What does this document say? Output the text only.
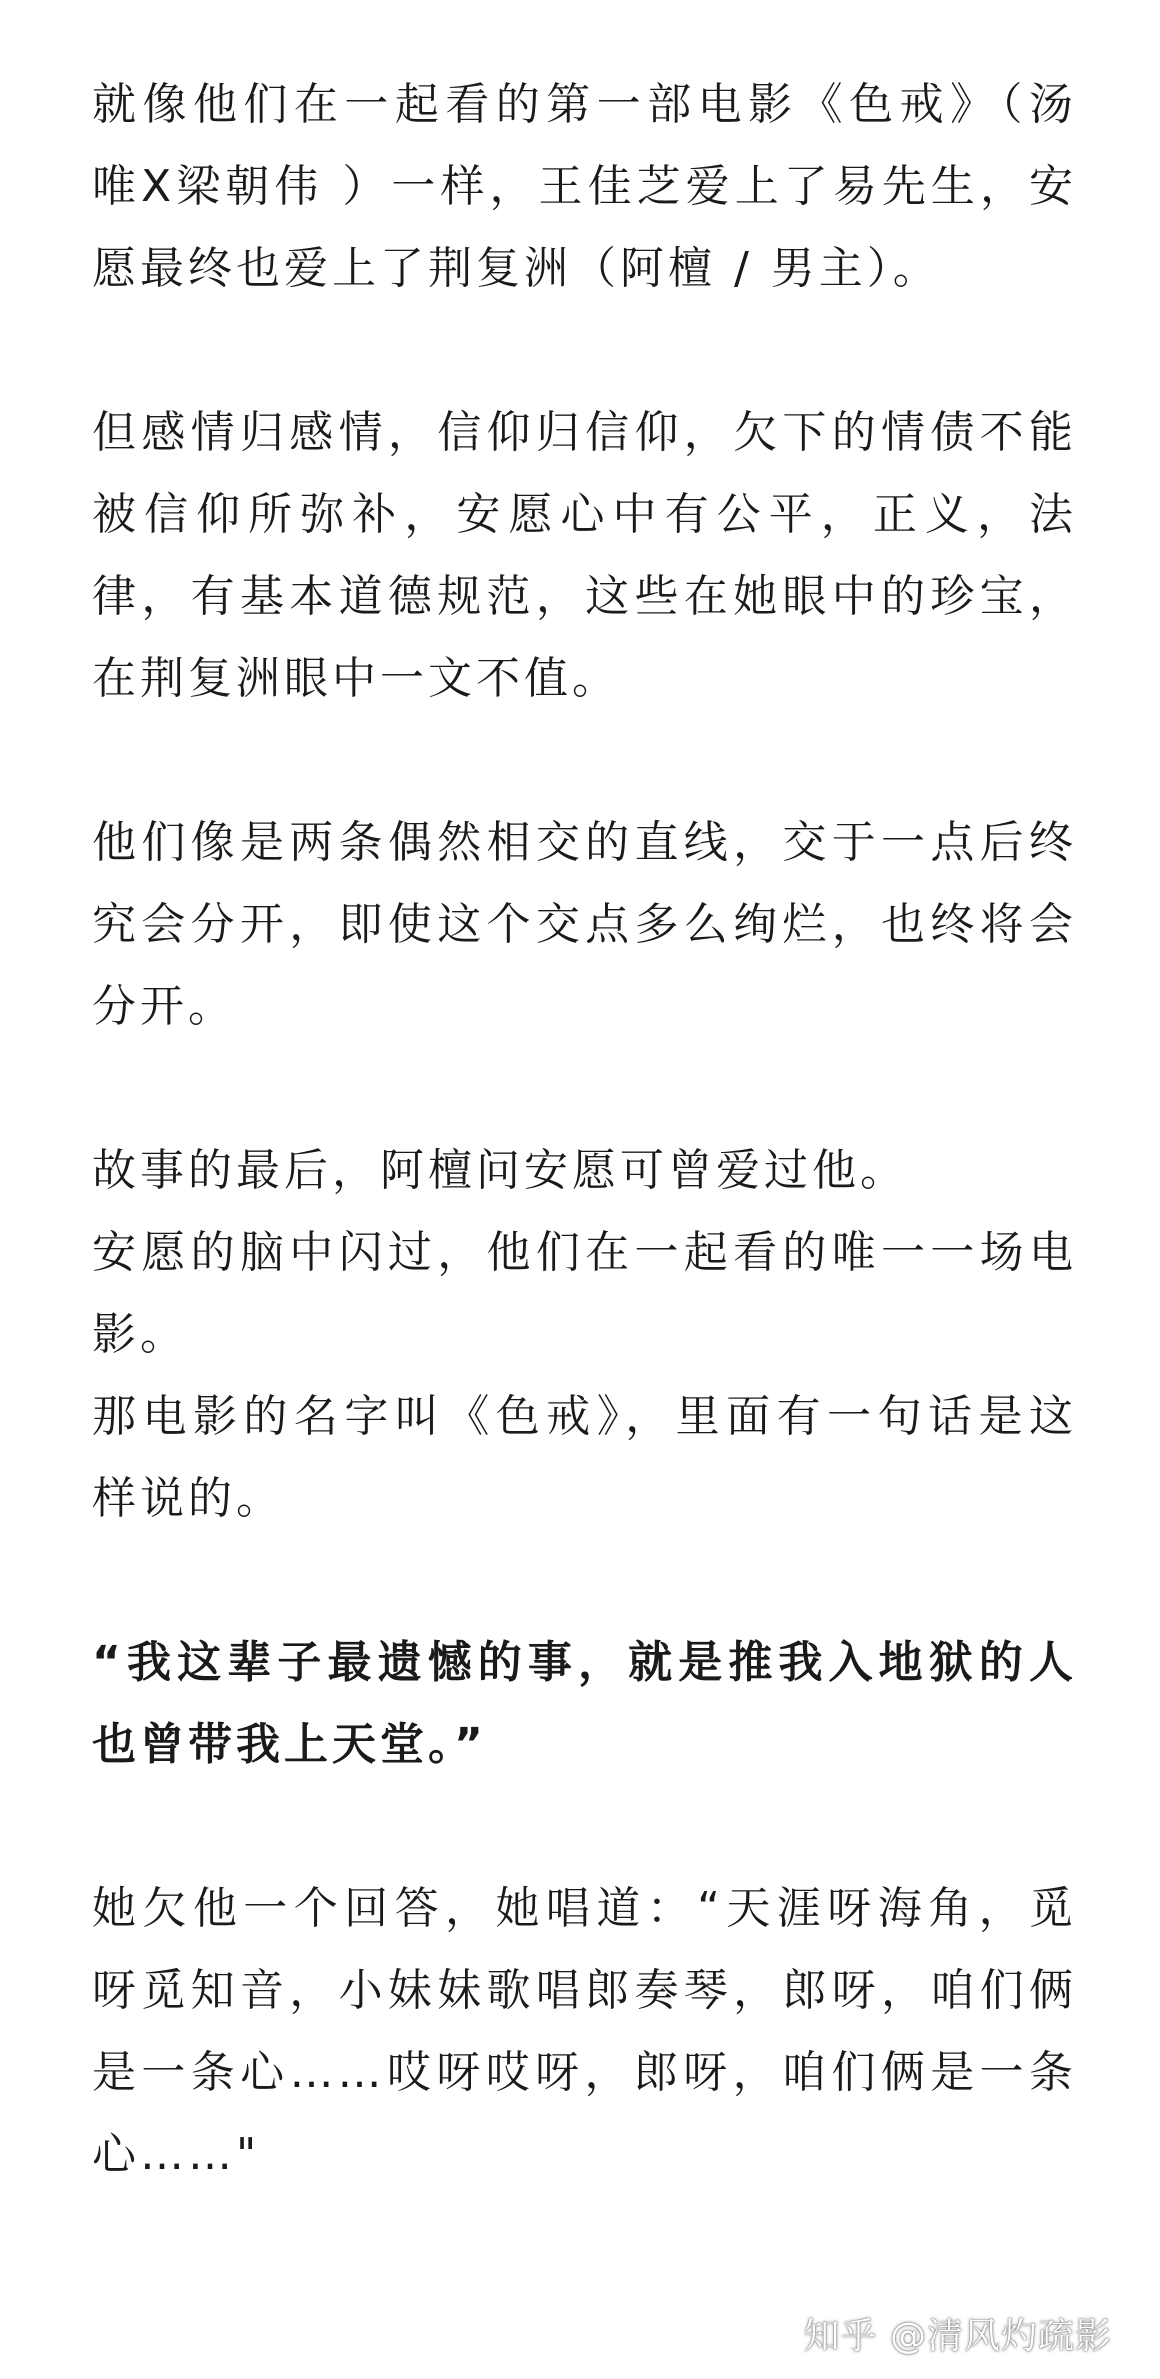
就像他们在一起看的第一部电影《色戒》（汤唯X梁朝伟 ）一样，王佳芝爱上了易先生，安愿最终也爱上了荆复洲（阿檀 / 男主）。

但感情归感情，信仰归信仰，欠下的情债不能被信仰所弥补，安愿心中有公平，正义，法律，有基本道德规范，这些在她眼中的珍宝，在荆复洲眼中一文不值。

他们像是两条偶然相交的直线，交于一点后终究会分开，即使这个交点多么绚烂，也终将会分开。

故事的最后，阿檀问安愿可曾爱过他。
安愿的脑中闪过，他们在一起看的唯一一场电影。
那电影的名字叫《色戒》，里面有一句话是这样说的。

“我这辈子最遗憾的事，就是推我入地狱的人也曾带我上天堂。”

她欠他一个回答，她唱道：“天涯呀海角，觅呀觅知音，小妹妹歌唱郎奏琴，郎呀，咱们俩是一条心……哎呀哎呀，郎呀，咱们俩是一条心……"

知乎 @清风灼疏影
